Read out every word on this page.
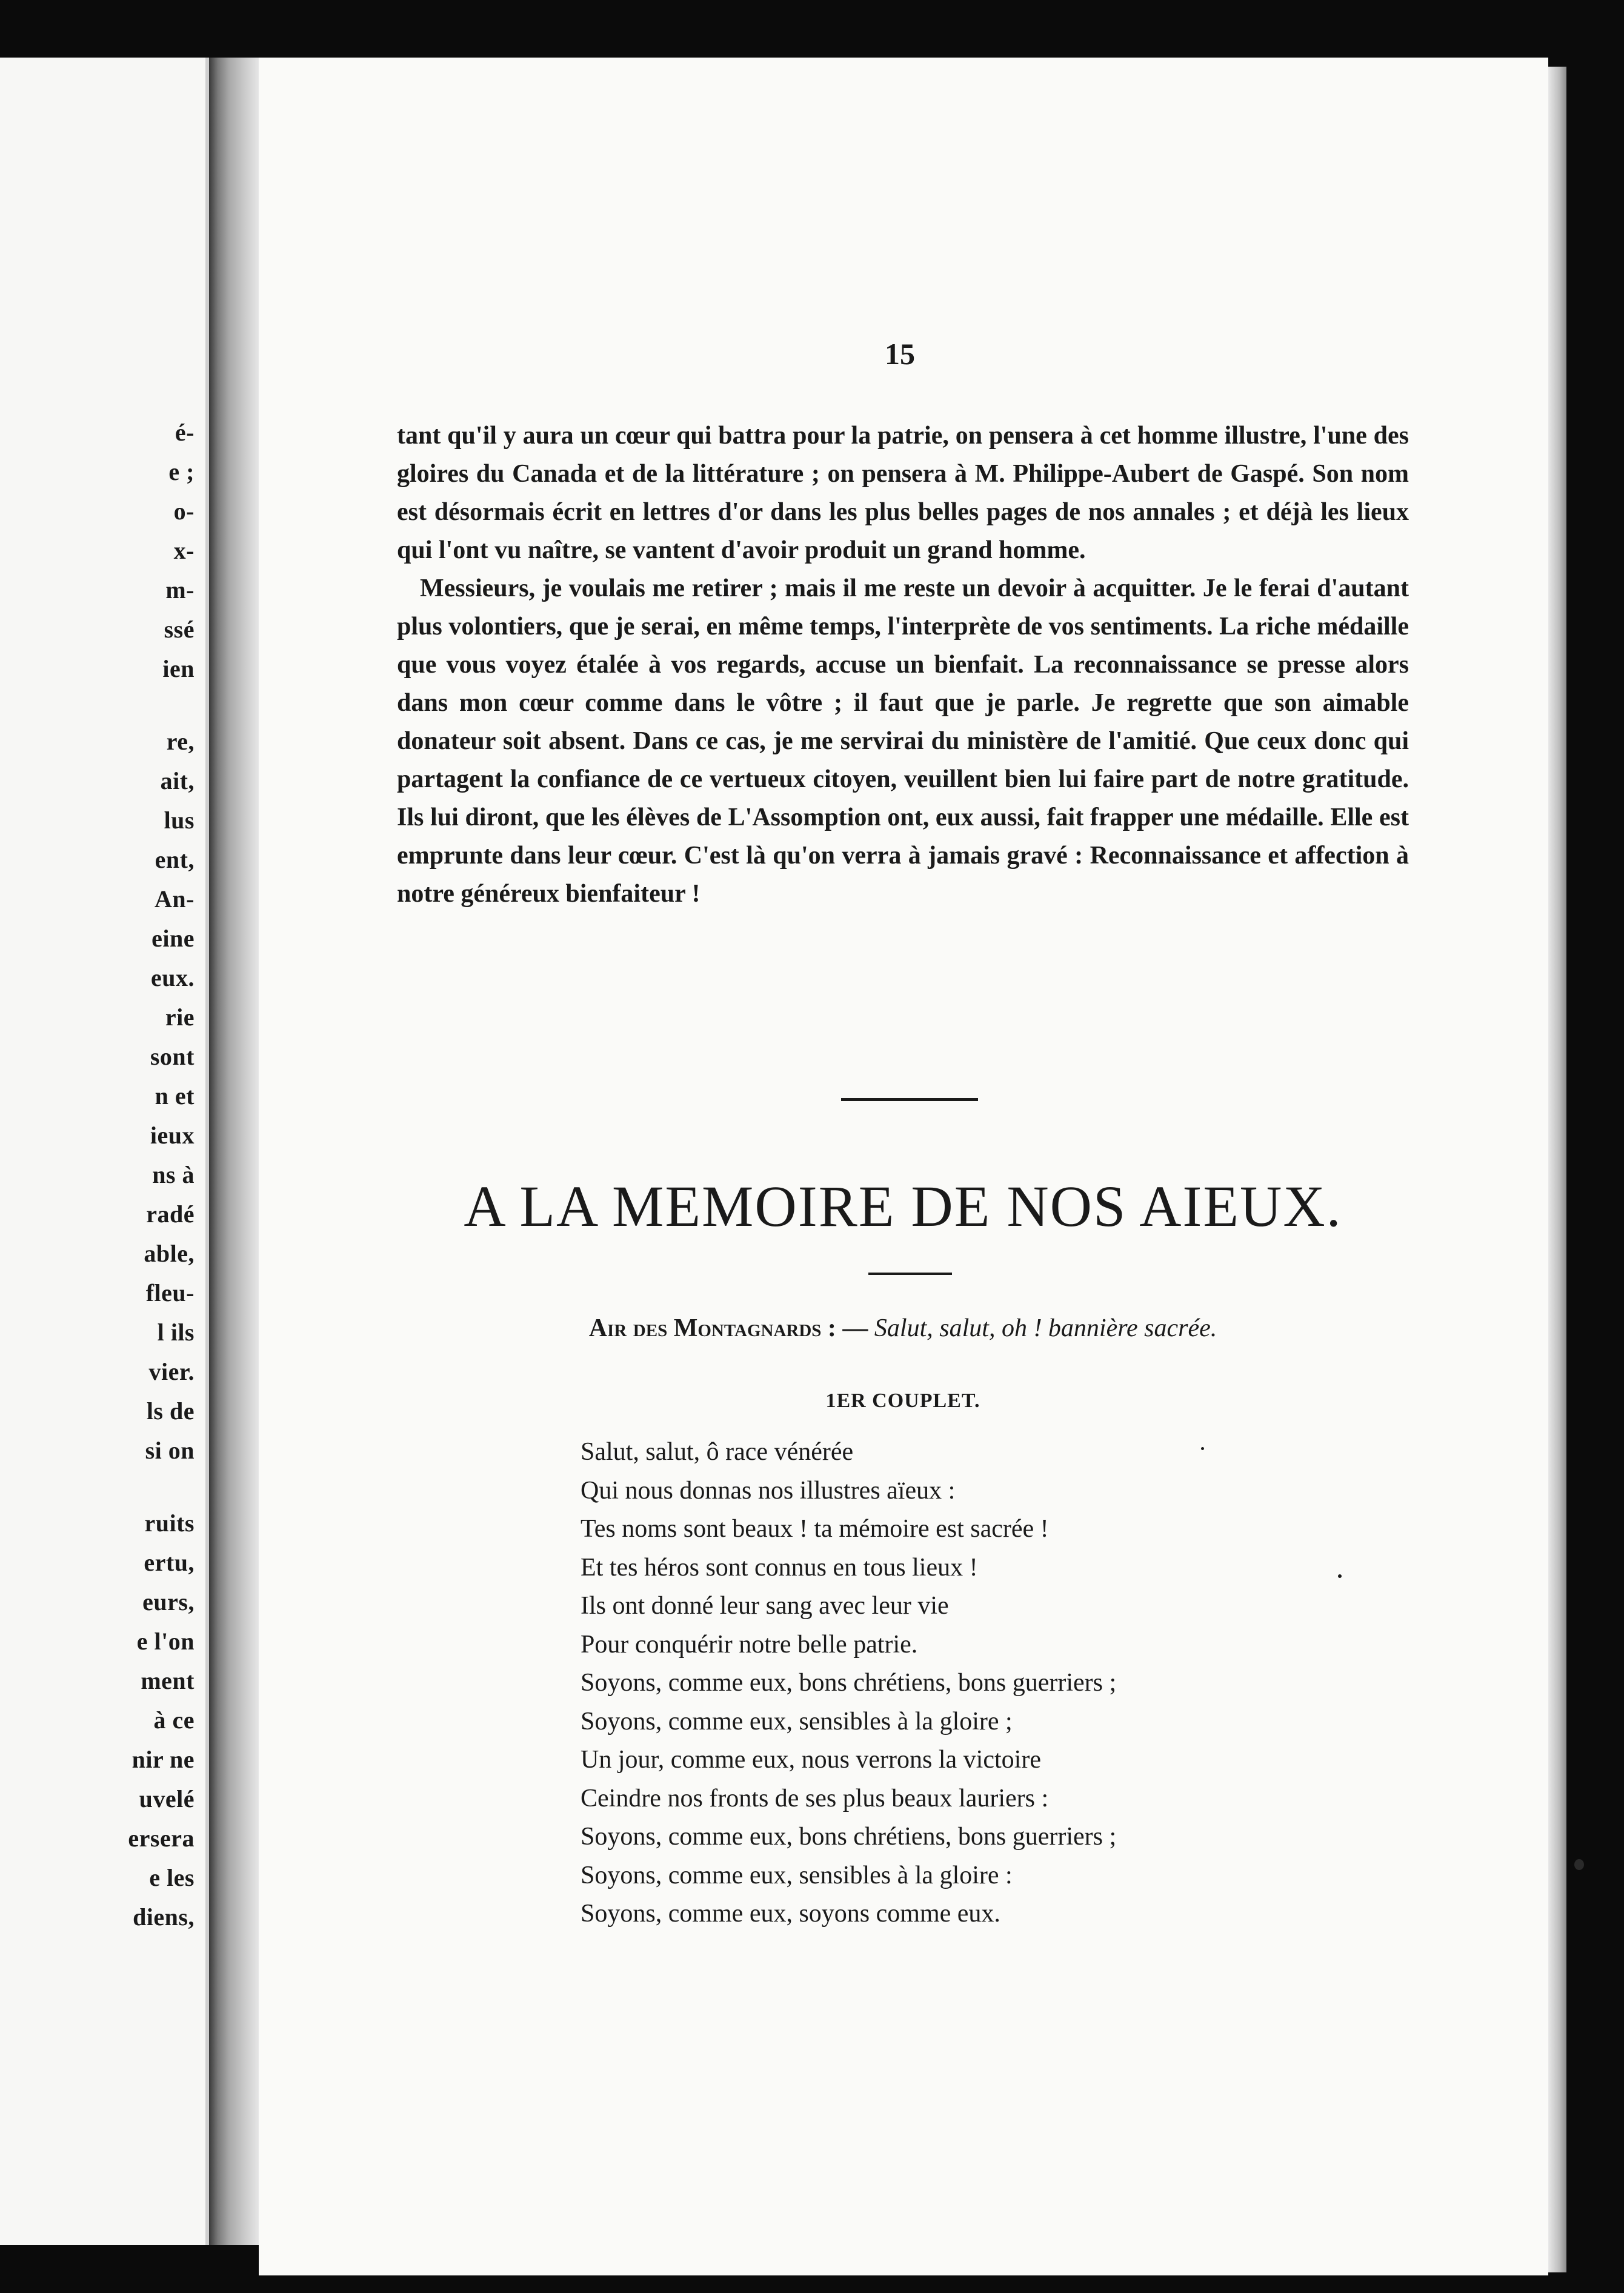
é-
e ;
o-
x-
m-
ssé
ien
re,
ait,
lus
ent,
An-
eine
eux.
rie
sont
n et
ieux
ns à
radé
able,
fleu-
l ils
vier.
ls de
si on
ruits
ertu,
eurs,
e l'on
ment
à ce
nir ne
uvelé
ersera
e les
diens,
15

tant qu'il y aura un cœur qui battra pour la patrie, on pensera à cet homme illustre, l'une des gloires du Canada et de la littérature ; on pensera à M. Philippe-Aubert de Gaspé. Son nom est désormais écrit en lettres d'or dans les plus belles pages de nos annales ; et déjà les lieux qui l'ont vu naître, se vantent d'avoir produit un grand homme.

Messieurs, je voulais me retirer ; mais il me reste un devoir à acquitter. Je le ferai d'autant plus volontiers, que je serai, en même temps, l'interprète de vos sentiments. La riche médaille que vous voyez étalée à vos regards, accuse un bienfait. La reconnaissance se presse alors dans mon cœur comme dans le vôtre ; il faut que je parle. Je regrette que son aimable donateur soit absent. Dans ce cas, je me servirai du ministère de l'amitié. Que ceux donc qui partagent la confiance de ce vertueux citoyen, veuillent bien lui faire part de notre gratitude. Ils lui diront, que les élèves de L'Assomption ont, eux aussi, fait frapper une médaille. Elle est emprunte dans leur cœur. C'est là qu'on verra à jamais gravé : Reconnaissance et affection à notre généreux bienfaiteur !

A LA MEMOIRE DE NOS AIEUX.
Air des Montagnards : — Salut, salut, oh ! bannière sacrée.
1ER COUPLET.
Salut, salut, ô race vénérée
Qui nous donnas nos illustres aïeux :
Tes noms sont beaux ! ta mémoire est sacrée !
Et tes héros sont connus en tous lieux !
Ils ont donné leur sang avec leur vie
Pour conquérir notre belle patrie.
Soyons, comme eux, bons chrétiens, bons guerriers ;
Soyons, comme eux, sensibles à la gloire ;
Un jour, comme eux, nous verrons la victoire
Ceindre nos fronts de ses plus beaux lauriers :
Soyons, comme eux, bons chrétiens, bons guerriers ;
Soyons, comme eux, sensibles à la gloire :
Soyons, comme eux, soyons comme eux.
